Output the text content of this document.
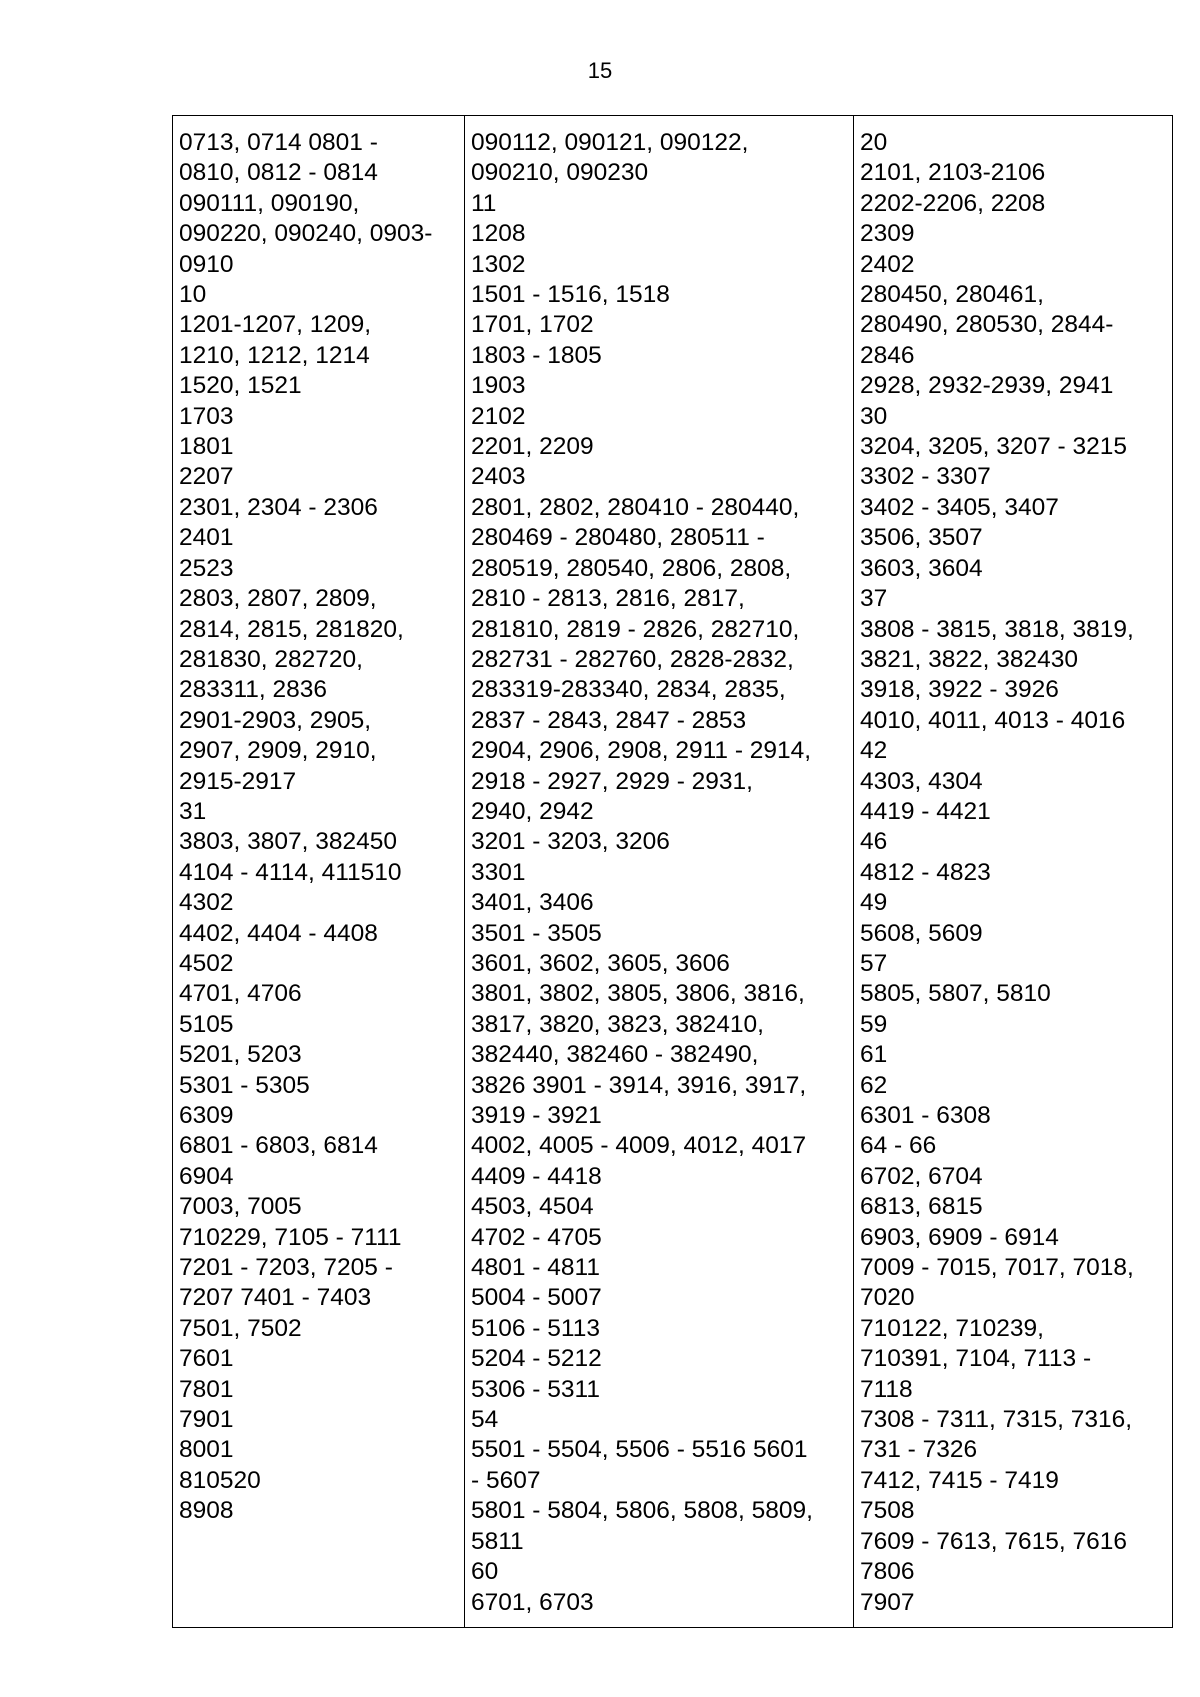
15
0713, 0714 0801 -
0810, 0812 - 0814
090111, 090190,
090220, 090240, 0903-
0910
10
1201-1207, 1209,
1210, 1212, 1214
1520, 1521
1703
1801
2207
2301, 2304 - 2306
2401
2523
2803, 2807, 2809,
2814, 2815, 281820,
281830, 282720,
283311, 2836
2901-2903, 2905,
2907, 2909, 2910,
2915-2917
31
3803, 3807, 382450
4104 - 4114, 411510
4302
4402, 4404 - 4408
4502
4701, 4706
5105
5201, 5203
5301 - 5305
6309
6801 - 6803, 6814
6904
7003, 7005
710229, 7105 - 7111
7201 - 7203, 7205 -
7207 7401 - 7403
7501, 7502
7601
7801
7901
8001
810520
8908

090112, 090121, 090122,
090210, 090230
11
1208
1302
1501 - 1516, 1518
1701, 1702
1803 - 1805
1903
2102
2201, 2209
2403
2801, 2802, 280410 - 280440,
280469 - 280480, 280511 -
280519, 280540, 2806, 2808,
2810 - 2813, 2816, 2817,
281810, 2819 - 2826, 282710,
282731 - 282760, 2828-2832,
283319-283340, 2834, 2835,
2837 - 2843, 2847 - 2853
2904, 2906, 2908, 2911 - 2914,
2918 - 2927, 2929 - 2931,
2940, 2942
3201 - 3203, 3206
3301
3401, 3406
3501 - 3505
3601, 3602, 3605, 3606
3801, 3802, 3805, 3806, 3816,
3817, 3820, 3823, 382410,
382440, 382460 - 382490,
3826 3901 - 3914, 3916, 3917,
3919 - 3921
4002, 4005 - 4009, 4012, 4017
4409 - 4418
4503, 4504
4702 - 4705
4801 - 4811
5004 - 5007
5106 - 5113
5204 - 5212
5306 - 5311
54
5501 - 5504, 5506 - 5516 5601
- 5607
5801 - 5804, 5806, 5808, 5809,
5811
60
6701, 6703

20
2101, 2103-2106
2202-2206, 2208
2309
2402
280450, 280461,
280490, 280530, 2844-
2846
2928, 2932-2939, 2941
30
3204, 3205, 3207 - 3215
3302 - 3307
3402 - 3405, 3407
3506, 3507
3603, 3604
37
3808 - 3815, 3818, 3819,
3821, 3822, 382430
3918, 3922 - 3926
4010, 4011, 4013 - 4016
42
4303, 4304
4419 - 4421
46
4812 - 4823
49
5608, 5609
57
5805, 5807, 5810
59
61
62
6301 - 6308
64 - 66
6702, 6704
6813, 6815
6903, 6909 - 6914
7009 - 7015, 7017, 7018,
7020
710122, 710239,
710391, 7104, 7113 -
7118
7308 - 7311, 7315, 7316,
731 - 7326
7412, 7415 - 7419
7508
7609 - 7613, 7615, 7616
7806
7907
